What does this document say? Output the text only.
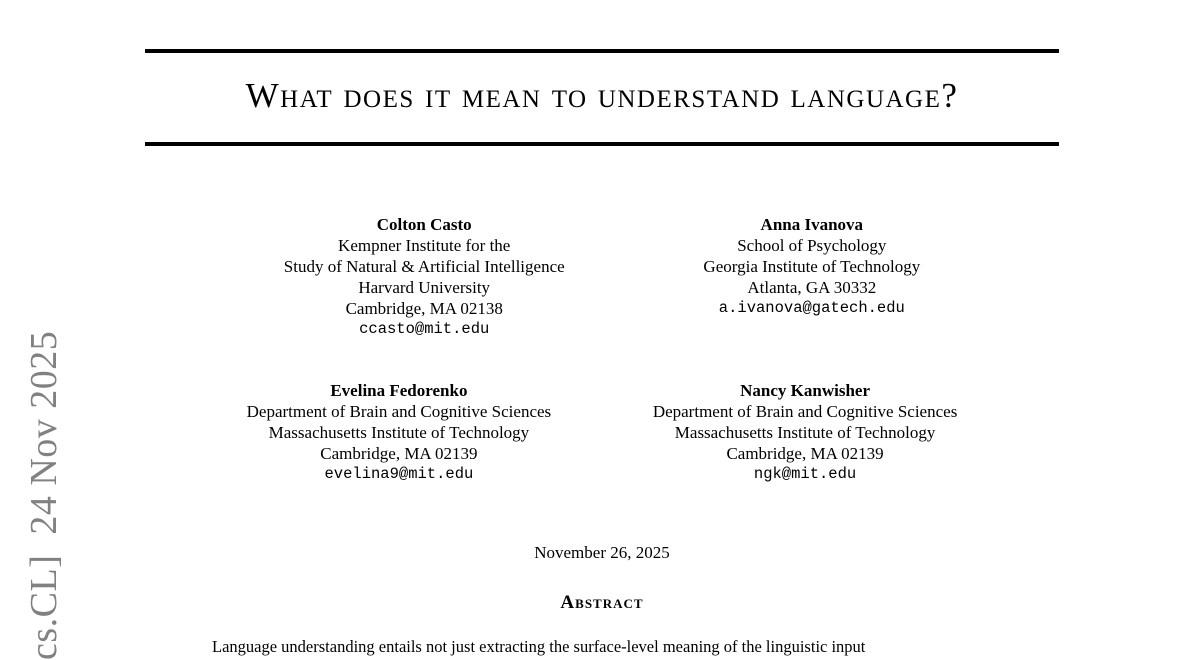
cs.CL]  24 Nov 2025
What does it mean to understand language?
Colton Casto
Kempner Institute for the
Study of Natural & Artificial Intelligence
Harvard University
Cambridge, MA 02138
ccasto@mit.edu
Anna Ivanova
School of Psychology
Georgia Institute of Technology
Atlanta, GA 30332
a.ivanova@gatech.edu
Evelina Fedorenko
Department of Brain and Cognitive Sciences
Massachusetts Institute of Technology
Cambridge, MA 02139
evelina9@mit.edu
Nancy Kanwisher
Department of Brain and Cognitive Sciences
Massachusetts Institute of Technology
Cambridge, MA 02139
ngk@mit.edu
November 26, 2025
Abstract
Language understanding entails not just extracting the surface-level meaning of the linguistic input
